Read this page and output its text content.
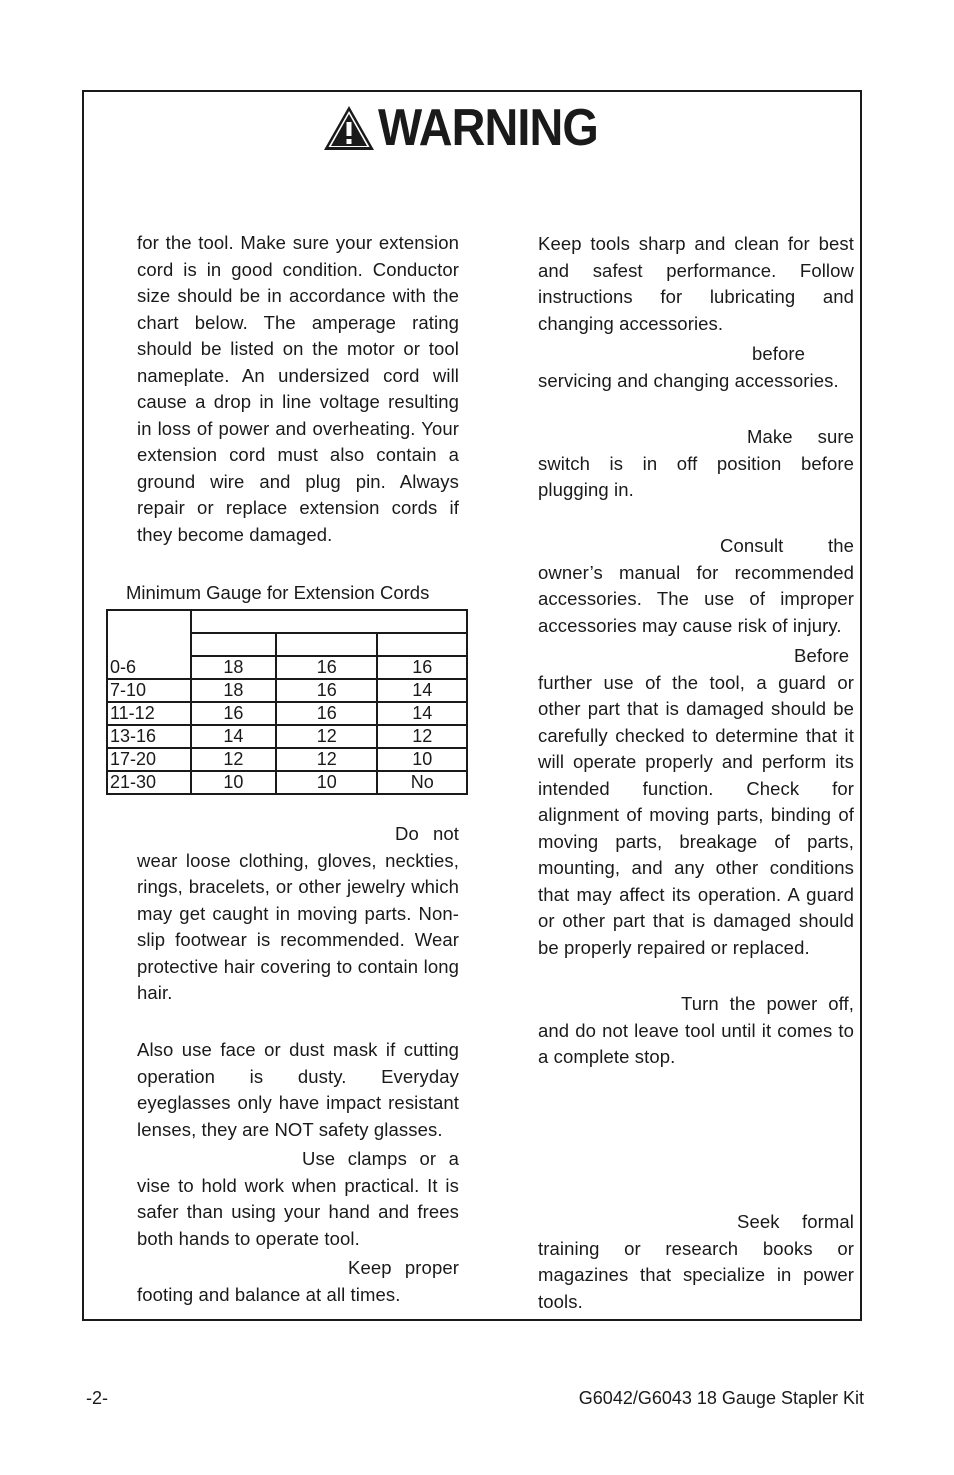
WARNING

for the tool. Make sure your extension cord is in good condition. Conductor size should be in accordance with the chart below. The amperage rating should be listed on the motor or tool nameplate. An undersized cord will cause a drop in line voltage resulting in loss of power and overheating. Your extension cord must also contain a ground wire and plug pin. Always repair or replace extension cords if they become damaged.

Minimum Gauge for Extension Cords

0-6	18	16	16
7-10	18	16	14
11-12	16	16	14
13-16	14	12	12
17-20	12	12	10
21-30	10	10	No

Do not wear loose clothing, gloves, neckties, rings, bracelets, or other jewelry which may get caught in moving parts. Non-slip footwear is recommended. Wear protective hair covering to contain long hair.

Also use face or dust mask if cutting operation is dusty. Everyday eyeglasses only have impact resistant lenses, they are NOT safety glasses.

Use clamps or a vise to hold work when practical. It is safer than using your hand and frees both hands to operate tool.

Keep proper footing and balance at all times.

Keep tools sharp and clean for best and safest performance. Follow instructions for lubricating and changing accessories.

before servicing and changing accessories.

Make sure switch is in off position before plugging in.

Consult the owner’s manual for recommended accessories. The use of improper accessories may cause risk of injury.

Before further use of the tool, a guard or other part that is damaged should be carefully checked to determine that it will operate properly and perform its intended function. Check for alignment of moving parts, binding of moving parts, breakage of parts, mounting, and any other conditions that may affect its operation. A guard or other part that is damaged should be properly repaired or replaced.

Turn the power off, and do not leave tool until it comes to a complete stop.

Seek formal training or research books or magazines that specialize in power tools.

-2-	G6042/G6043 18 Gauge Stapler Kit
